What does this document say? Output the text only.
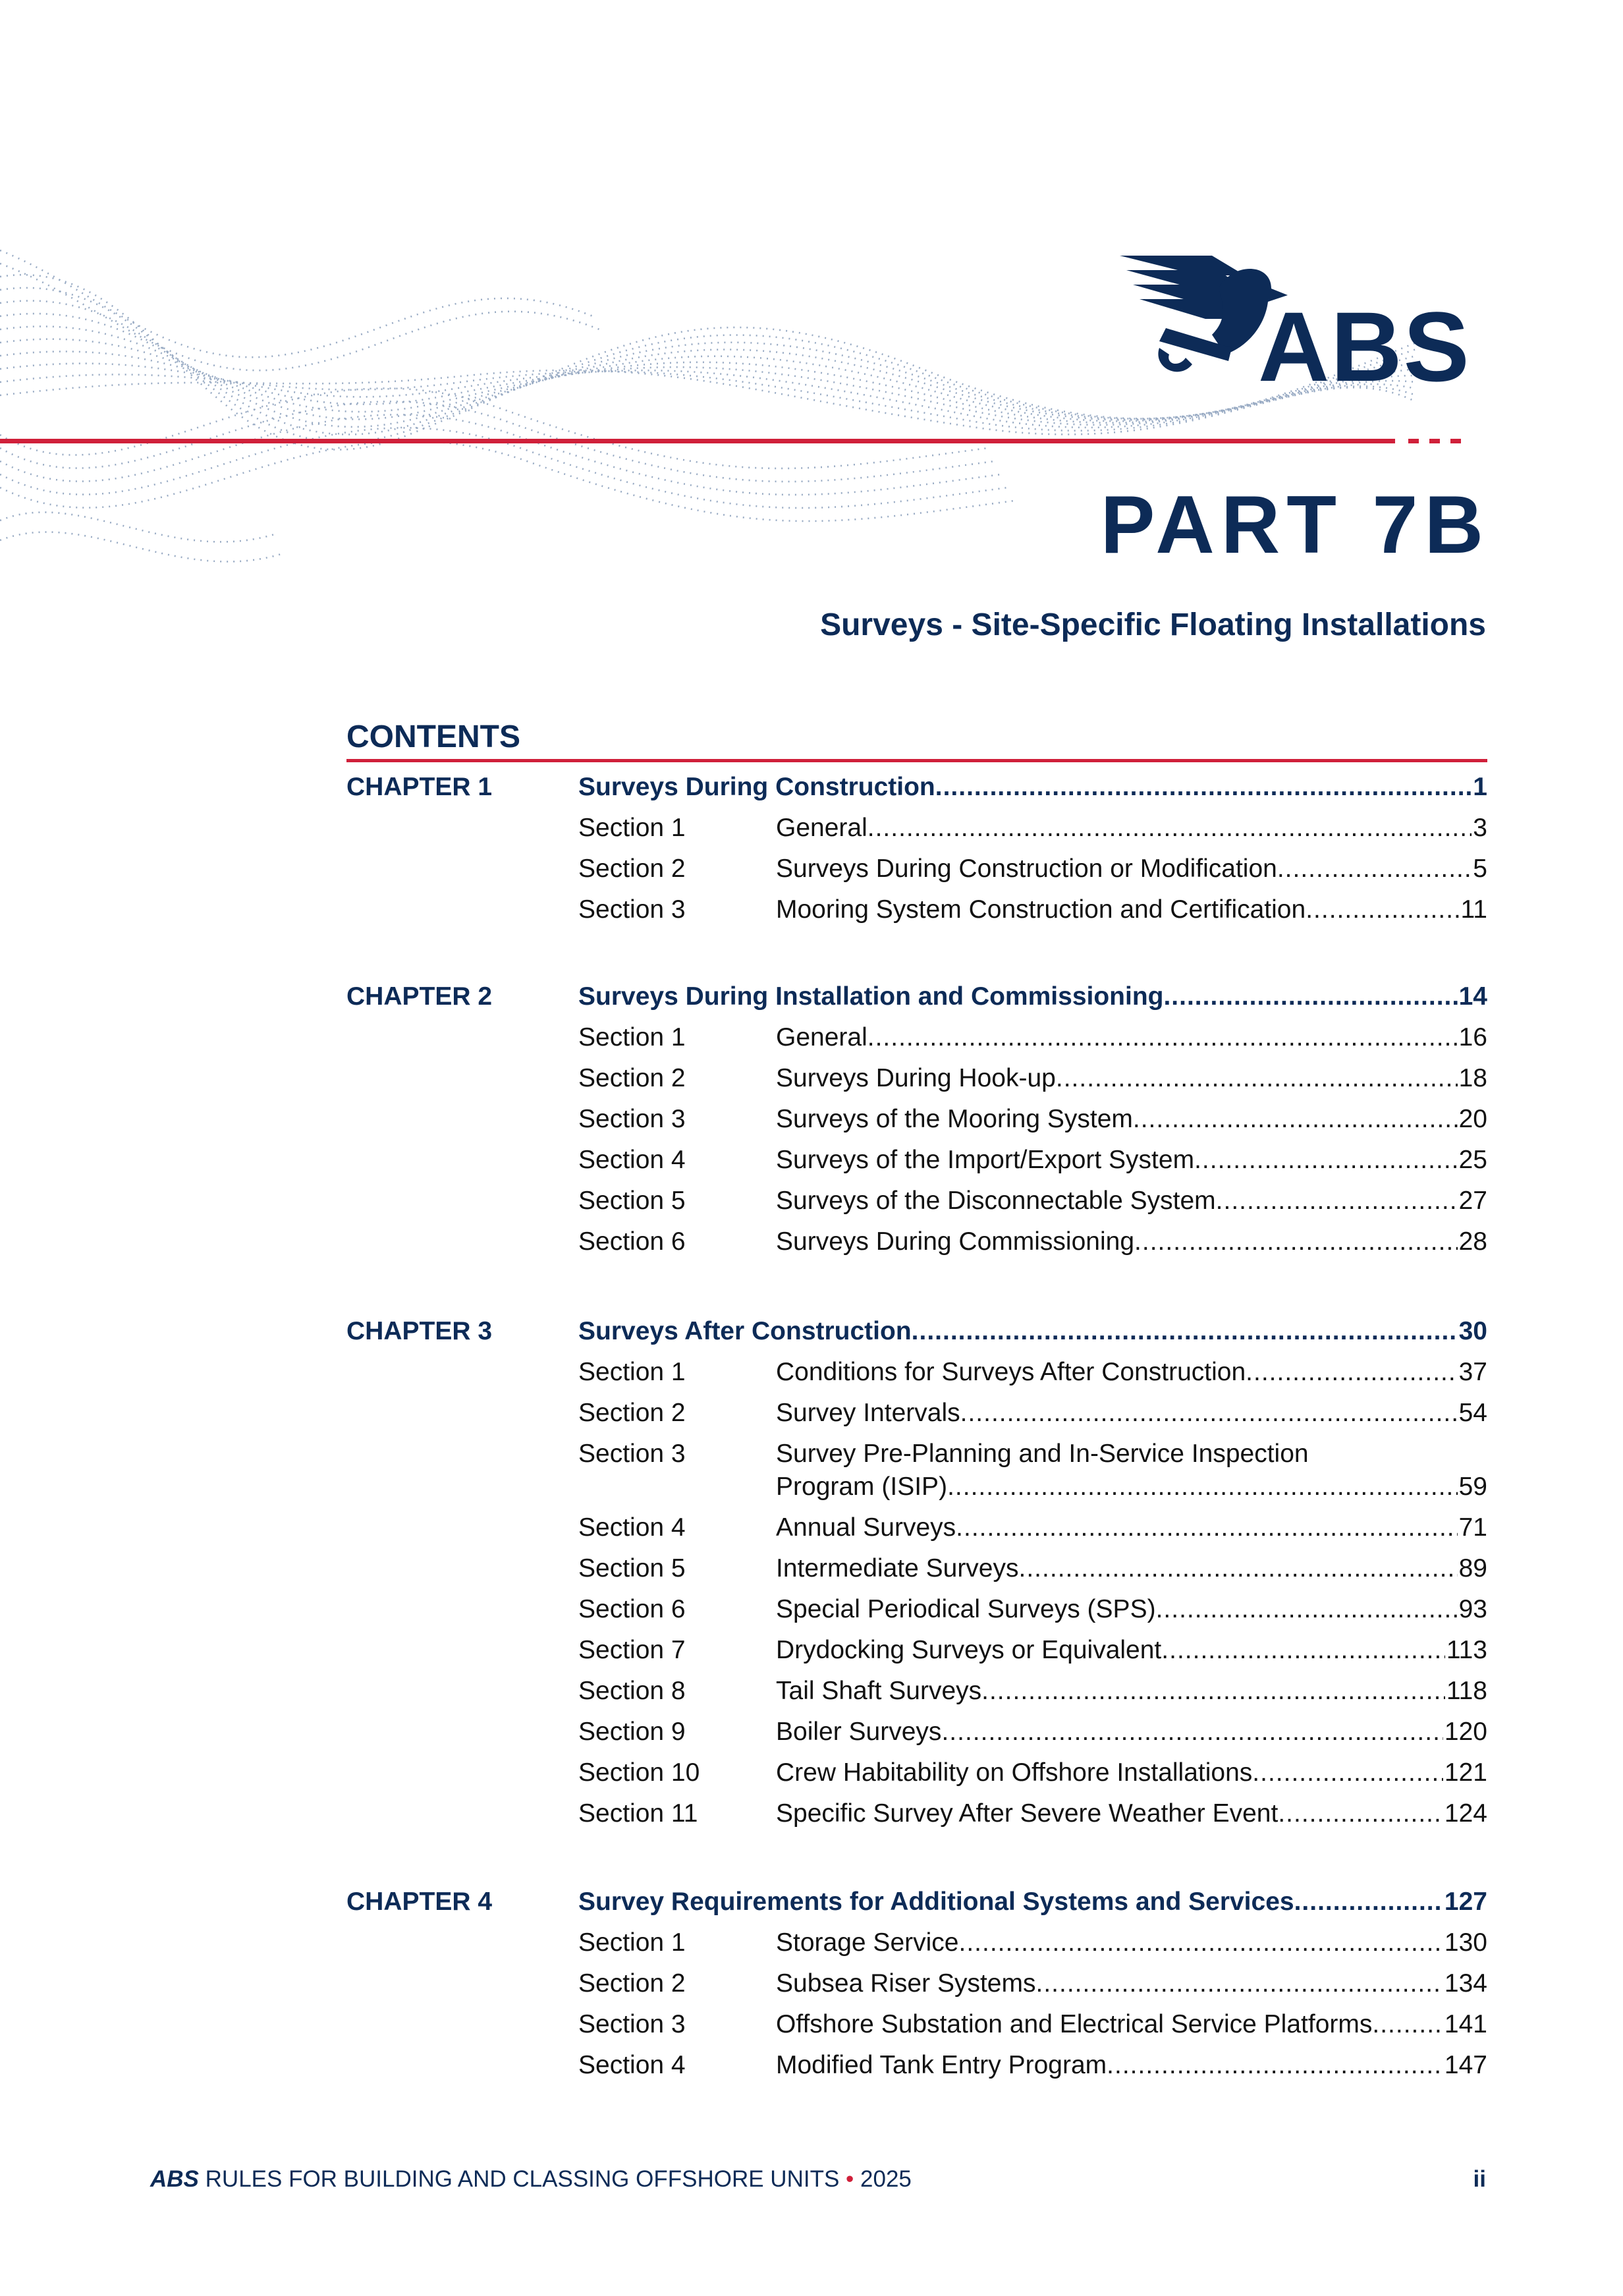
ABS
PART 7B
Surveys - Site-Specific Floating Installations
CONTENTS
CHAPTER 1	Surveys During Construction .....	1
Section 1	General .....	3
Section 2	Surveys During Construction or Modification .....	5
Section 3	Mooring System Construction and Certification .....	11
CHAPTER 2	Surveys During Installation and Commissioning .....	14
Section 1	General .....	16
Section 2	Surveys During Hook-up .....	18
Section 3	Surveys of the Mooring System .....	20
Section 4	Surveys of the Import/Export System .....	25
Section 5	Surveys of the Disconnectable System .....	27
Section 6	Surveys During Commissioning .....	28
CHAPTER 3	Surveys After Construction .....	30
Section 1	Conditions for Surveys After Construction .....	37
Section 2	Survey Intervals .....	54
Section 3	Survey Pre-Planning and In-Service Inspection
Program (ISIP) .....	59
Section 4	Annual Surveys .....	71
Section 5	Intermediate Surveys .....	89
Section 6	Special Periodical Surveys (SPS) .....	93
Section 7	Drydocking Surveys or Equivalent .....	113
Section 8	Tail Shaft Surveys .....	118
Section 9	Boiler Surveys .....	120
Section 10	Crew Habitability on Offshore Installations .....	121
Section 11	Specific Survey After Severe Weather Event .....	124
CHAPTER 4	Survey Requirements for Additional Systems and Services .....	127
Section 1	Storage Service .....	130
Section 2	Subsea Riser Systems .....	134
Section 3	Offshore Substation and Electrical Service Platforms .....	141
Section 4	Modified Tank Entry Program .....	147
ABS RULES FOR BUILDING AND CLASSING OFFSHORE UNITS • 2025	ii
